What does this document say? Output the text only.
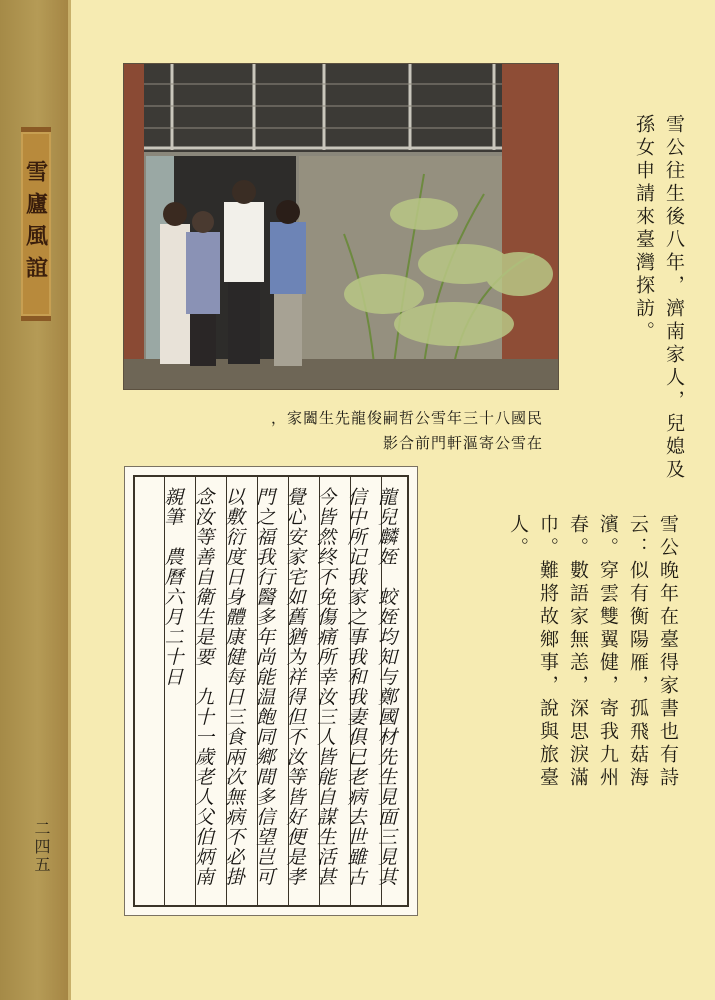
雪廬風誼
二四五
民國八十三年雪公哲嗣俊龍先生闔家，
在雪公寄漚軒門前合影	雪公往生後八年，濟南家人，兒媳及孫女申請來臺灣探訪。
雪公晚年在臺得家書也有詩云：似有衡陽雁，孤飛菇海濱。穿雲雙翼健，寄我九州春。數語家無恙，深思淚滿巾。難將故鄉事，說與旅臺人。
龍兒麟姪　蛟姪均知与鄭國材先生見面三見其信中所记我家之事我和我妻俱已老病去世雖古今皆然终不免傷痛所幸汝三人皆能自謀生活甚覺心安家宅如舊猶为祥得但不汝等皆好便是孝門之福我行醫多年尚能温飽同鄉間多信望岂可以敷衍度日身體康健每日三食兩次無病不必掛念汝等善自衛生是要　九十一歲老人父伯炳南親筆　農曆六月二十日
